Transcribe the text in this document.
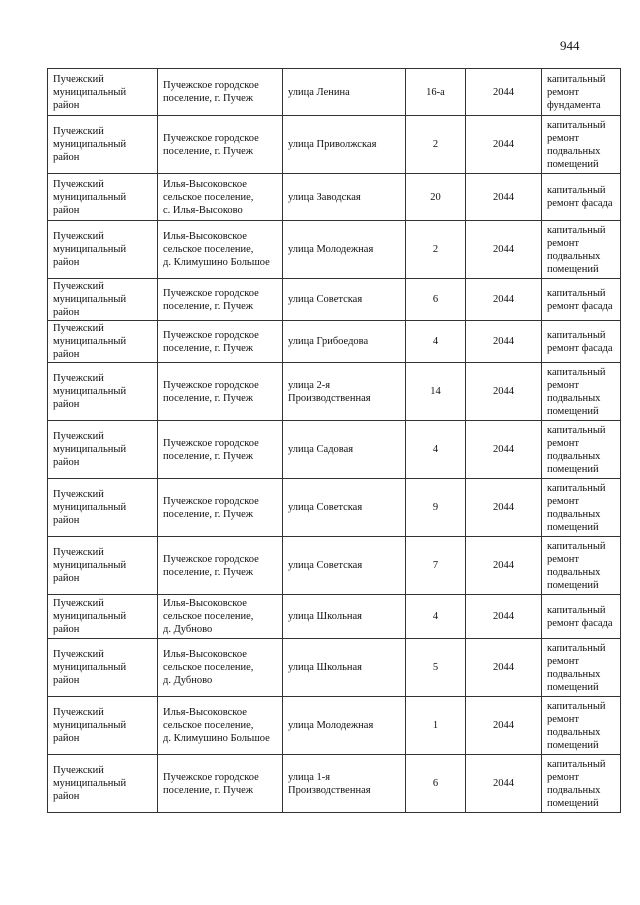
944
Пучежский
муниципальный
район	Пучежское городское
поселение, г. Пучеж	улица Ленина	16-а	2044	капитальный
ремонт
фундамента
Пучежский
муниципальный
район	Пучежское городское
поселение, г. Пучеж	улица Приволжская	2	2044	капитальный
ремонт
подвальных
помещений
Пучежский
муниципальный
район	Илья-Высоковское
сельское поселение,
с. Илья-Высоково	улица Заводская	20	2044	капитальный
ремонт фасада
Пучежский
муниципальный
район	Илья-Высоковское
сельское поселение,
д. Климушино Большое	улица Молодежная	2	2044	капитальный
ремонт
подвальных
помещений
Пучежский
муниципальный
район	Пучежское городское
поселение, г. Пучеж	улица Советская	6	2044	капитальный
ремонт фасада
Пучежский
муниципальный
район	Пучежское городское
поселение, г. Пучеж	улица Грибоедова	4	2044	капитальный
ремонт фасада
Пучежский
муниципальный
район	Пучежское городское
поселение, г. Пучеж	улица 2-я
Производственная	14	2044	капитальный
ремонт
подвальных
помещений
Пучежский
муниципальный
район	Пучежское городское
поселение, г. Пучеж	улица Садовая	4	2044	капитальный
ремонт
подвальных
помещений
Пучежский
муниципальный
район	Пучежское городское
поселение, г. Пучеж	улица Советская	9	2044	капитальный
ремонт
подвальных
помещений
Пучежский
муниципальный
район	Пучежское городское
поселение, г. Пучеж	улица Советская	7	2044	капитальный
ремонт
подвальных
помещений
Пучежский
муниципальный
район	Илья-Высоковское
сельское поселение,
д. Дубново	улица Школьная	4	2044	капитальный
ремонт фасада
Пучежский
муниципальный
район	Илья-Высоковское
сельское поселение,
д. Дубново	улица Школьная	5	2044	капитальный
ремонт
подвальных
помещений
Пучежский
муниципальный
район	Илья-Высоковское
сельское поселение,
д. Климушино Большое	улица Молодежная	1	2044	капитальный
ремонт
подвальных
помещений
Пучежский
муниципальный
район	Пучежское городское
поселение, г. Пучеж	улица 1-я
Производственная	6	2044	капитальный
ремонт
подвальных
помещений
